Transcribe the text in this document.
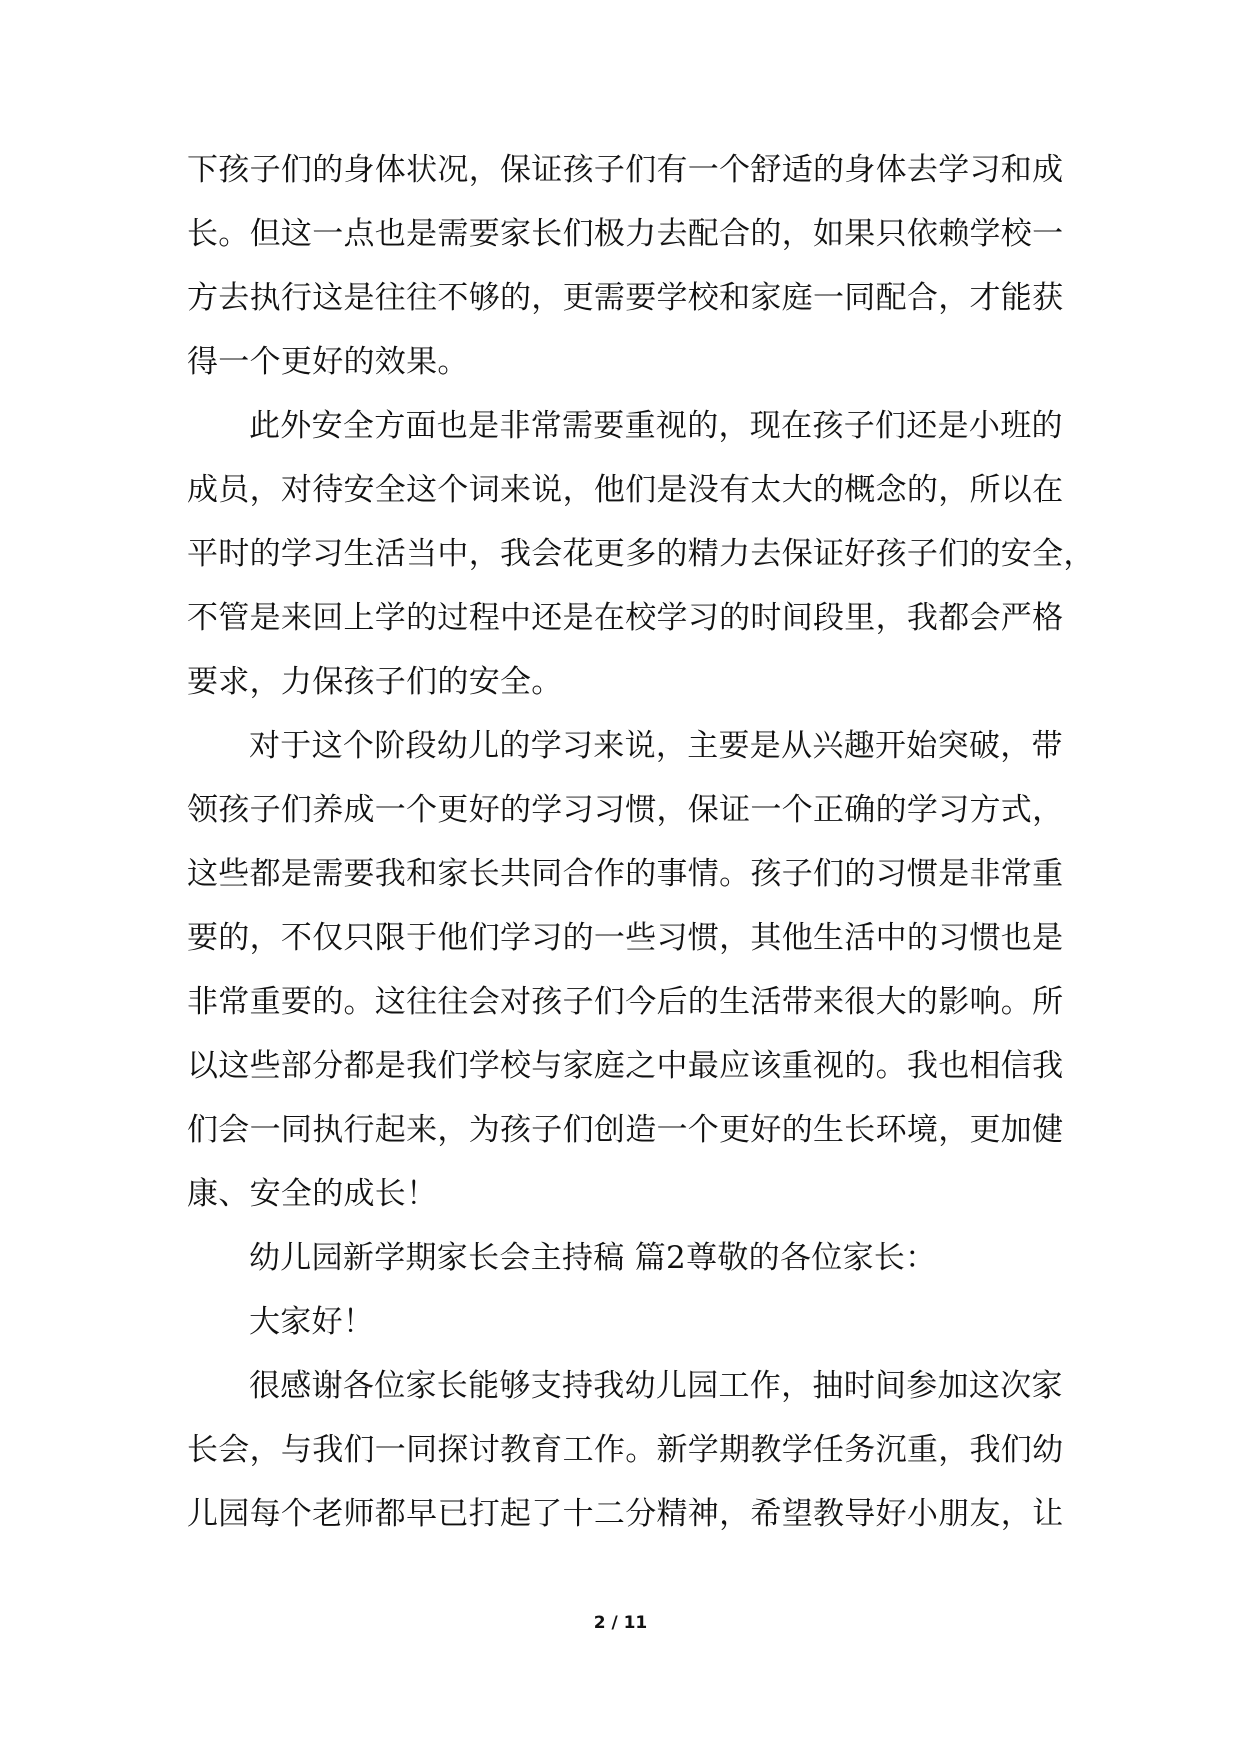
下孩子们的身体状况，保证孩子们有一个舒适的身体去学习和成
长。但这一点也是需要家长们极力去配合的，如果只依赖学校一
方去执行这是往往不够的，更需要学校和家庭一同配合，才能获
得一个更好的效果。
此外安全方面也是非常需要重视的，现在孩子们还是小班的
成员，对待安全这个词来说，他们是没有太大的概念的，所以在
平时的学习生活当中，我会花更多的精力去保证好孩子们的安全，
不管是来回上学的过程中还是在校学习的时间段里，我都会严格
要求，力保孩子们的安全。
对于这个阶段幼儿的学习来说，主要是从兴趣开始突破，带
领孩子们养成一个更好的学习习惯，保证一个正确的学习方式，
这些都是需要我和家长共同合作的事情。孩子们的习惯是非常重
要的，不仅只限于他们学习的一些习惯，其他生活中的习惯也是
非常重要的。这往往会对孩子们今后的生活带来很大的影响。所
以这些部分都是我们学校与家庭之中最应该重视的。我也相信我
们会一同执行起来，为孩子们创造一个更好的生长环境，更加健
康、安全的成长！
幼儿园新学期家长会主持稿 篇2尊敬的各位家长：
大家好！
很感谢各位家长能够支持我幼儿园工作，抽时间参加这次家
长会，与我们一同探讨教育工作。新学期教学任务沉重，我们幼
儿园每个老师都早已打起了十二分精神，希望教导好小朋友，让
2 / 11
